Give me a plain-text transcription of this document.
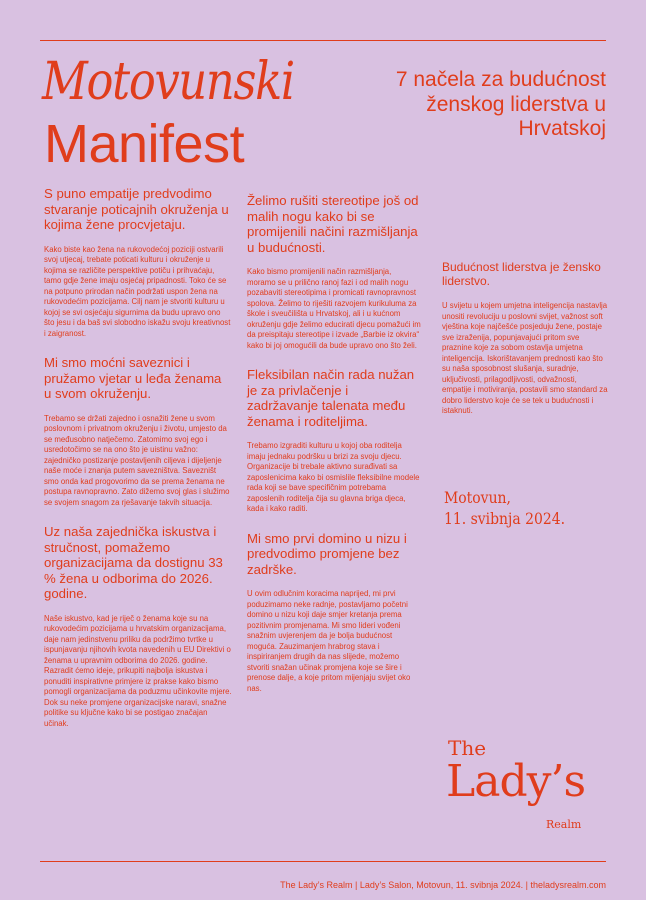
Motovunski
Manifest
7 načela za budućnost ženskog liderstva u Hrvatskoj
S puno empatije predvodimo stvaranje poticajnih okruženja u kojima žene procvjetaju.
Kako biste kao žena na rukovodećoj poziciji ostvarili svoj utjecaj, trebate poticati kulturu i okruženje u kojima se različite perspektive potiču i prihvaćaju, tamo gdje žene imaju osjećaj pripadnosti. Toko će se na potpuno prirodan način podržati uspon žena na rukovodećim pozicijama. Cilj nam je stvoriti kulturu u kojoj se svi osjećaju sigurnima da budu upravo ono što jesu i da baš svi slobodno iskažu svoju kreativnost i zaigranost.
Mi smo moćni saveznici i pružamo vjetar u leđa ženama u svom okruženju.
Trebamo se držati zajedno i osnažiti žene u svom poslovnom i privatnom okruženju i životu, umjesto da se međusobno natječemo. Zatomimo svoj ego i usredotočimo se na ono što je uistinu važno: zajedničko postizanje postavljenih ciljeva i dijeljenje naše moće i znanja putem savezništva. Savezništ smo onda kad progovorimo da se prema ženama ne postupa ravnopravno. Zato dižemo svoj glas i služimo se svojem snagom za rješavanje takvih situacija.
Uz naša zajednička iskustva i stručnost, pomažemo organizacijama da dostignu 33 % žena u odborima do 2026. godine.
Naše iskustvo, kad je riječ o ženama koje su na rukovodećim pozicijama u hrvatskim organizacijama, daje nam jedinstvenu priliku da podržimo tvrtke u ispunjavanju njihovih kvota navedenih u EU Direktivi o ženama u upravnim odborima do 2026. godine. Razradit ćemo ideje, prikupiti najbolja iskustva i ponuditi inspirativne primjere iz prakse kako bismo pomogli organizacijama da poduzmu učinkovite mjere. Dok su neke promjene organizacijske naravi, snažne politike su ključne kako bi se postigao značajan učinak.
Želimo rušiti stereotipe još od malih nogu kako bi se promijenili načini razmišljanja u budućnosti.
Kako bismo promijenili način razmišljanja, moramo se u prilično ranoj fazi i od malih nogu pozabaviti stereotipima i promicati ravnopravnost spolova. Želimo to riješiti razvojem kurikuluma za škole i sveučilišta u Hrvatskoj, ali i u kućnom okruženju gdje želimo educirati djecu pomažući im da preispitaju stereotipe i izvade „Barbie iz okvira“ kako bi joj omogućili da bude upravo ono što želi.
Fleksibilan način rada nužan je za privlačenje i zadržavanje talenata među ženama i roditeljima.
Trebamo izgraditi kulturu u kojoj oba roditelja imaju jednaku podršku u brizi za svoju djecu. Organizacije bi trebale aktivno surađivati sa zaposlenicima kako bi osmislile fleksibilne modele rada koji se bave specifičnim potrebama zaposlenih roditelja čija su glavna briga djeca, kada i kako raditi.
Mi smo prvi domino u nizu i predvodimo promjene bez zadrške.
U ovim odlučnim koracima naprijed, mi prvi poduzimamo neke radnje, postavljamo početni domino u nizu koji daje smjer kretanja prema pozitivnim promjenama. Mi smo lideri vođeni snažnim uvjerenjem da je bolja budućnost moguća. Zauzimanjem hrabrog stava i inspiriranjem drugih da nas slijede, možemo stvoriti snažan učinak promjena koje se šire i prenose dalje, a koje pritom mijenjaju svijet oko nas.
Budućnost liderstva je žensko liderstvo.
U svijetu u kojem umjetna inteligencija nastavlja unositi revoluciju u poslovni svijet, važnost soft vještina koje najčešće posjeduju žene, postaje sve izraženija, popunjavajući pritom sve praznine koje za sobom ostavlja umjetna inteligencija. Iskorištavanjem prednosti kao što su naša sposobnost slušanja, suradnje, uključivosti, prilagodljivosti, odvažnosti, empatije i motiviranja, postavili smo standard za dobro liderstvo koje će se tek u budućnosti i istaknuti.
Motovun,
11. svibnja 2024.
The
Lady’s
Realm
The Lady’s Realm | Lady’s Salon, Motovun, 11. svibnja 2024. | theladysrealm.com
